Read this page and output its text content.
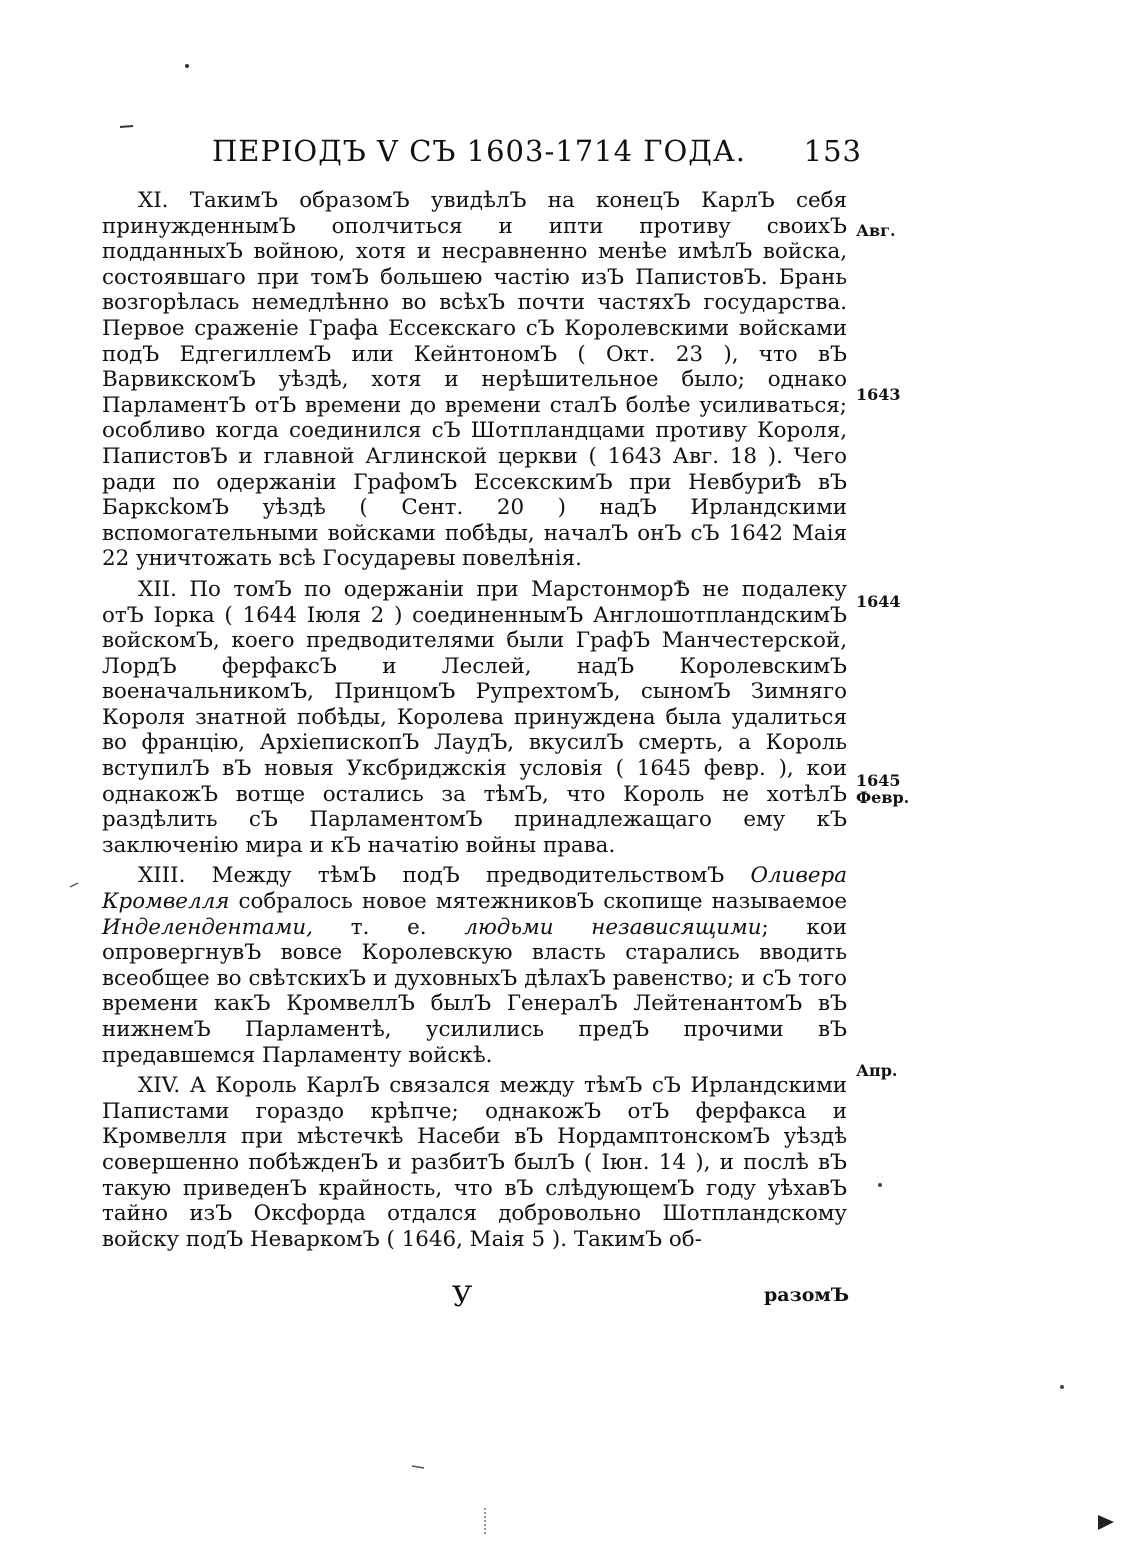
ПЕРІОДЪ V СЪ 1603-1714 ГОДА. 153

XI. ТакимЪ образомЪ увидѣлЪ на конецЪ КарлЪ себя принужденнымЪ ополчиться и ипти противу своихЪ подданныхЪ войною, хотя и несравненно менѣе имѣлЪ войска, состоявшаго при томЪ большею частію изЪ ПапистовЪ. Брань возгорѣлась немедлѣнно во всѣхЪ почти частяхЪ государства. Первое сраженіе Графа Ессекскаго сЪ Королевскими войсками подЪ ЕдгегиллемЪ или КейнтономЪ ( Окт. 23 ), что вЪ ВарвикскомЪ уѣздѣ, хотя и нерѣшительное было; однако ПарламентЪ отЪ времени до времени сталЪ болѣе усиливаться; особливо когда соединился сЪ Шотпландцами противу Короля, ПапистовЪ и главной Аглинской церкви ( 1643 Авг. 18 ). Чего ради по одержаніи ГрафомЪ ЕссекскимЪ при НевбуриѢ вЪ БарксkомЪ уѣздѣ ( Сент. 20 ) надЪ Ирландскими вспомогательными войсками побѣды, началЪ онЪ сЪ 1642 Маія 22 уничтожать всѣ Государевы повелѣнія.

XII. По томЪ по одержаніи при МарстонморѢ не подалеку отЪ Іорка ( 1644 Іюля 2 ) соединеннымЪ АнглошотпландскимЪ войскомЪ, коего предводителями были ГрафЪ Манчестерской, ЛордЪ ферфаксЪ и Леслей, надЪ КоролевскимЪ военачальникомЪ, ПринцомЪ РупрехтомЪ, сыномЪ Зимняго Короля знатной побѣды, Королева принуждена была удалиться во францію, АрхіепископЪ ЛаудЪ, вкусилЪ смерть, а Король вступилЪ вЪ новыя Уксбриджскія условія ( 1645 февр. ), кои однакожЪ вотще остались за тѣмЪ, что Король не хотѣлЪ раздѣлить сЪ ПарламентомЪ принадлежащаго ему кЪ заключенію мира и кЪ начатію войны права.

XIII. Между тѣмЪ подЪ предводительствомЪ Оливера Кромвелля собралось новое мятежниковЪ скопище называемое Инделендентами, т. е. людьми независящими; кои опровергнувЪ вовсе Королевскую власть старались вводить всеобщее во свѣтскихЪ и духовныхЪ дѣлахЪ равенство; и сЪ того времени какЪ КромвеллЪ былЪ ГенералЪ ЛейтенантомЪ вЪ нижнемЪ Парламентѣ, усилились предЪ прочими вЪ предавшемся Парламенту войскѣ.

XIV. А Король КарлЪ связался между тѣмЪ сЪ Ирландскими Папистами гораздо крѣпче; однакожЪ отЪ ферфакса и Кромвелля при мѣстечкѣ Насеби вЪ НордамптонскомЪ уѣздѣ совершенно побѣжденЪ и разбитЪ былЪ ( Іюн. 14 ), и послѣ вЪ такую приведенЪ крайность, что вЪ слѣдующемЪ году уѣхавЪ тайно изЪ Оксфорда отдался добровольно Шотпландскому войску подЪ НеваркомЪ ( 1646, Маія 5 ). ТакимЪ об-

Авг.
1643
1644
1645 Февр.
Апр.
У	разомЪ
